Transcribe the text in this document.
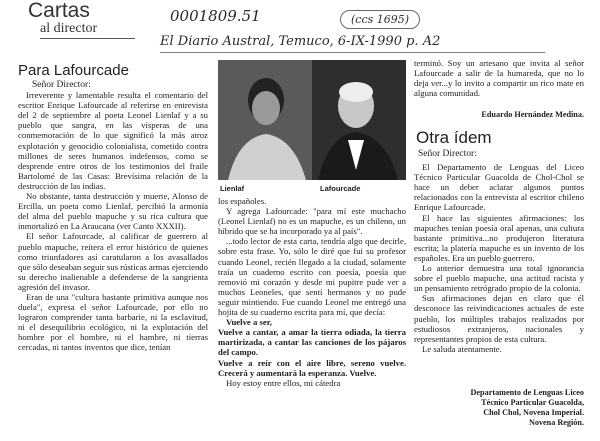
Cartas
al director
0001809.51	(ccs 1695)
El Diario Austral, Temuco, 6-IX-1990 p. A2
Para Lafourcade

Señor Director:

Irreverente y lamentable resulta el comentario del escritor Enrique Lafourcade al referirse en entrevista del 2 de septiembre al poeta Leonel Lienlaf y a su pueblo que sangra, en las vísperas de una conmemoración de lo que significó la más atroz explotación y genocidio colonialista, cometido contra millones de seres humanos indefensos, como se desprende entre otros de los testimonios del fraile Bartolomé de las Casas: Brevísima relación de la destrucción de las indias.

No obstante, tanta destrucción y muerte, Alonso de Ercilla, un poeta como Lienlaf, percibió la armonía del alma del pueblo mapuche y su rica cultura que inmortalizó en La Araucana (ver Canto XXXII).

El señor Lafourcade, al calificar de guerrero al pueblo mapuche, reitera el error histórico de quienes como triunfadores así caratularon a los avasallados que sólo deseaban seguir sus rústicas armas ejerciendo su derecho inalienable a defenderse de la sangrienta agresión del invasor.

Eran de una "cultura bastante primitiva aunque nos duela", expresa el señor Lafourcade, por ello no lograron comprender tanta barbarie, ni la esclavitud, ni el desequilibrio ecológico, ni la explotación del hombre por el hombre, ni el hambre, ni tierras cercadas, ni tantos inventos que dice, tenían

Lienlaf	Lafourcade

los españoles.

Y agrega Lafourcade: "para mí este muchacho (Leonel Lienlaf) no es un mapuche, es un chileno, un híbrido que se ha incorporado ya al país".

...todo lector de esta carta, tendría algo que decirle, sobre esta frase. Yo, sólo le diré que fui su profesor cuando Leonel, recién llegado a la ciudad, solamente traía un cuaderno escrito con poesía, poesía que removió mi corazón y desde mi pupitre pude ver a muchos Leoneles, que sentí hermanos y no pude seguir mintiendo. Fue cuando Leonel me entregó una hojita de su cuaderno escrita para mí, que decía:

Vuelve a ser,

Vuelve a cantar, a amar la tierra odiada, la tierra martirizada, a cantar las canciones de los pájaros del campo.

Vuelve a reír con el aire libre, sereno vuelve. Crecerá y aumentará la esperanza. Vuelve.

Hoy estoy entre ellos, mi cátedra

terminó. Soy un artesano que invita al señor Lafourcade a salir de la humareda, que no lo deja ver...y lo invito a compartir un rico mate en alguna comunidad.

Eduardo Hernández Medina.
Otra ídem

Señor Director:

El Departamento de Lenguas del Liceo Técnico Particular Guacolda de Chol-Chol se hace un deber aclarar algunos puntos relacionados con la entrevista al escritor chileno Enrique Lafourcade.

El hace las siguientes afirmaciones: los mapuches tenían poesía oral apenas, una cultura bastante primitiva...no produjeron literatura escrita; la platería mapuche es un invento de los españoles. Era un pueblo guerrero.

Lo anterior demuestra una total ignorancia sobre el pueblo mapuche, una actitud racista y un pensamiento retrógrado propio de la colonia.

Sus afirmaciones dejan en claro que él desconoce las reivindicaciones actuales de este pueblo, los múltiples trabajos realizados por estudiosos extranjeros, nacionales y representantes propios de esta cultura.

Le saluda atentamente.

Departamento de Lenguas Liceo
Técnico Particular Guacolda,
Chol Chol, Novena Imperial.
Novena Región.
